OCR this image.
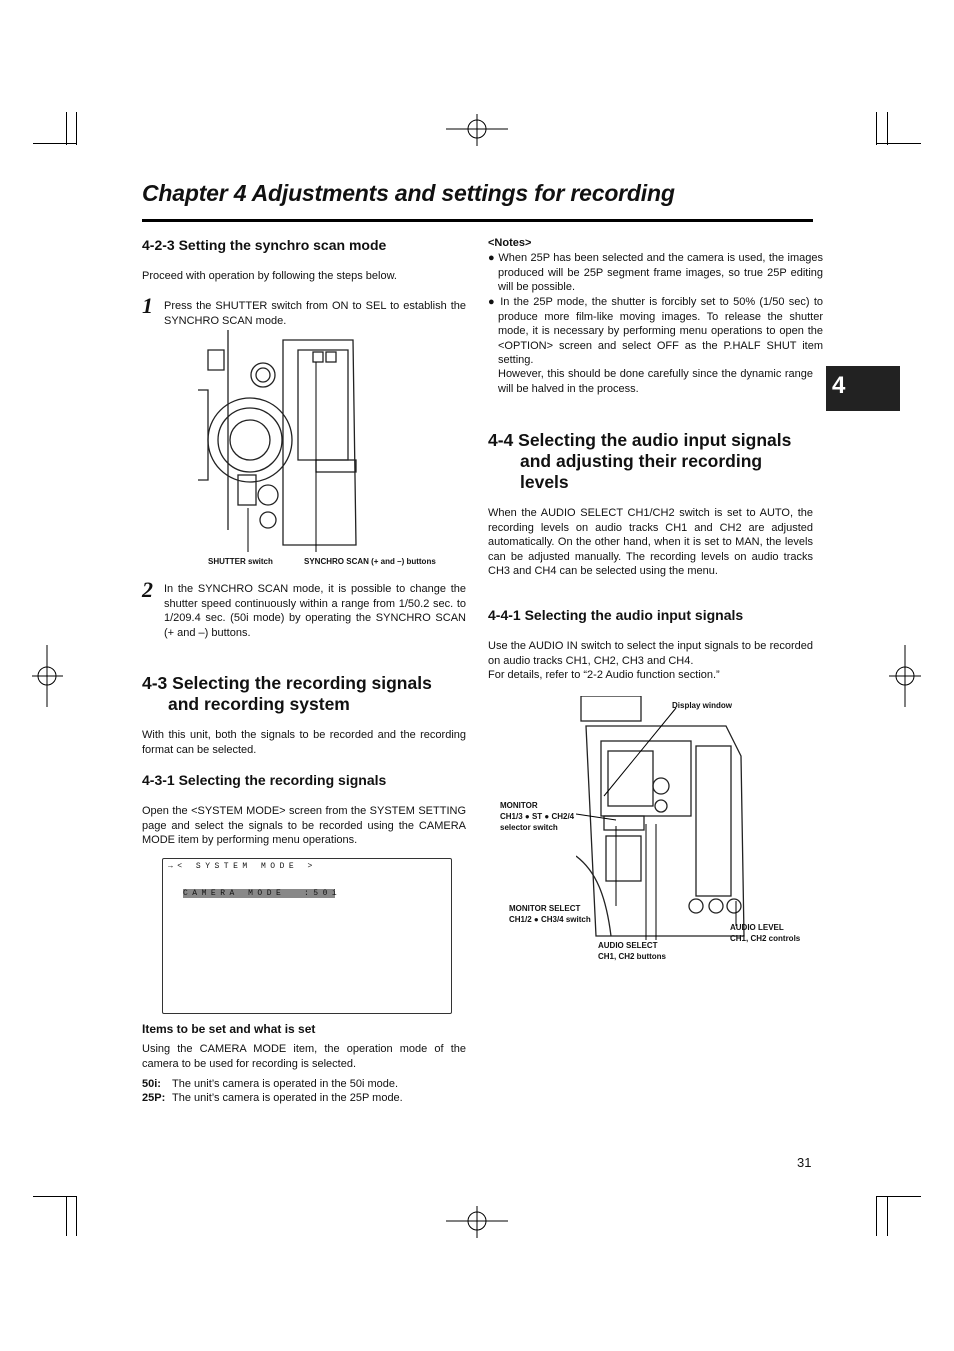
Chapter 4 Adjustments and settings for recording
4
4-2-3 Setting the synchro scan mode
Proceed with operation by following the steps below.
1 Press the SHUTTER switch from ON to SEL to establish the SYNCHRO SCAN mode.
SHUTTER switch	SYNCHRO SCAN (+ and –) buttons
2 In the SYNCHRO SCAN mode, it is possible to change the shutter speed continuously within a range from 1/50.2 sec. to 1/209.4 sec. (50i mode) by operating the SYNCHRO SCAN (+ and –) buttons.
4-3 Selecting the recording signals
and recording system
With this unit, both the signals to be recorded and the recording format can be selected.
4-3-1 Selecting the recording signals
Open the <SYSTEM MODE> screen from the SYSTEM SETTING page and select the signals to be recorded using the CAMERA MODE item by performing menu operations.
→< SYSTEM MODE >
CAMERA MODE :50i
Items to be set and what is set
Using the CAMERA MODE item, the operation mode of the camera to be used for recording is selected.
50i: The unit’s camera is operated in the 50i mode.
25P: The unit’s camera is operated in the 25P mode.
<Notes>
● When 25P has been selected and the camera is used, the images produced will be 25P segment frame images, so true 25P editing will be possible.
● In the 25P mode, the shutter is forcibly set to 50% (1/50 sec) to produce more film-like moving images. To release the shutter mode, it is necessary by performing menu operations to open the <OPTION> screen and select OFF as the P.HALF SHUT item setting.
However, this should be done carefully since the dynamic range will be halved in the process.
4-4 Selecting the audio input signals
and adjusting their recording
levels
When the AUDIO SELECT CH1/CH2 switch is set to AUTO, the recording levels on audio tracks CH1 and CH2 are adjusted automatically. On the other hand, when it is set to MAN, the levels can be adjusted manually. The recording levels on audio tracks CH3 and CH4 can be selected using the menu.
4-4-1 Selecting the audio input signals
Use the AUDIO IN switch to select the input signals to be recorded on audio tracks CH1, CH2, CH3 and CH4.
For details, refer to “2-2 Audio function section.”
Display window
MONITOR
CH1/3 ● ST ● CH2/4
selector switch
MONITOR SELECT
CH1/2 ● CH3/4 switch
AUDIO SELECT
CH1, CH2 buttons
AUDIO LEVEL
CH1, CH2 controls
31
